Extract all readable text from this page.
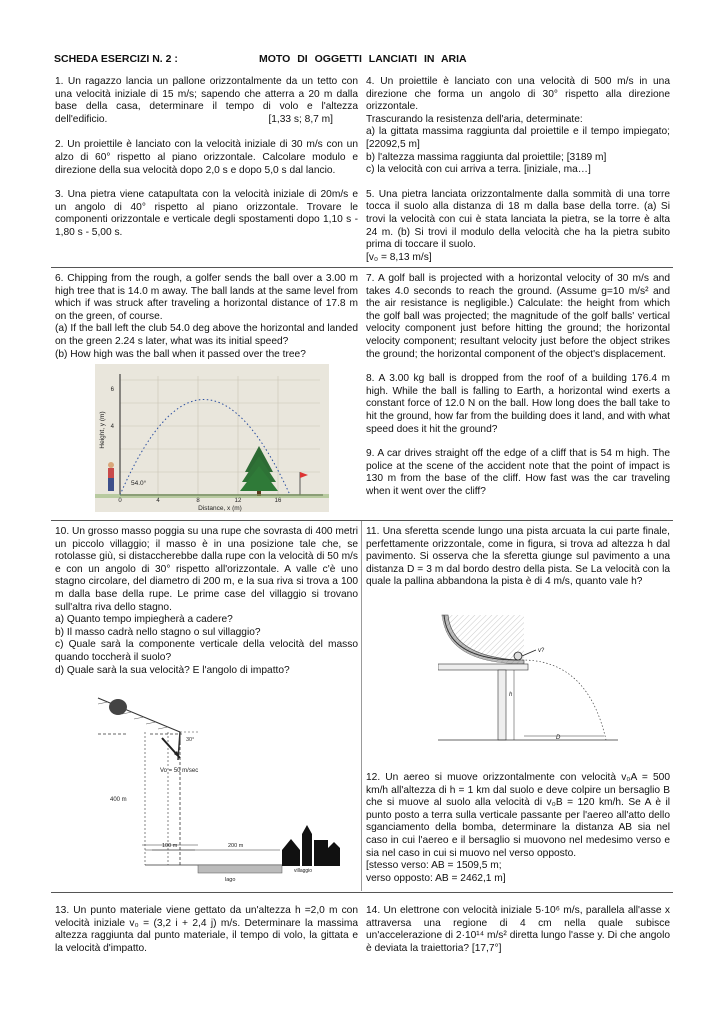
SCHEDA ESERCIZI N. 2 :	MOTO DI OGGETTI LANCIATI IN ARIA

1. Un ragazzo lancia un pallone orizzontalmente da un tetto con una velocità iniziale di 15 m/s; sapendo che atterra a 20 m dalla base della casa, determinare il tempo di volo e l'altezza dell'edificio.	[1,33 s; 8,7 m]

2. Un proiettile è lanciato con la velocità iniziale di 30 m/s con un alzo di 60° rispetto al piano orizzontale. Calcolare modulo e direzione della sua velocità dopo 2,0 s e dopo 5,0 s dal lancio.

3. Una pietra viene catapultata con la velocità iniziale di 20m/s e un angolo di 40° rispetto al piano orizzontale. Trovare le componenti orizzontale e verticale degli spostamenti dopo 1,10 s - 1,80 s - 5,00 s.

4. Un proiettile è lanciato con una velocità di 500 m/s in una direzione che forma un angolo di 30° rispetto alla direzione orizzontale.

Trascurando la resistenza dell'aria, determinate:

a) la gittata massima raggiunta dal proiettile e il tempo impiegato; [22092,5 m]

b) l'altezza massima raggiunta dal proiettile; [3189 m]

c) la velocità con cui arriva a terra. [iniziale, ma…]

5. Una pietra lanciata orizzontalmente dalla sommità di una torre tocca il suolo alla distanza di 18 m dalla base della torre. (a) Si trovi la velocità con cui è stata lanciata la pietra, se la torre è alta 24 m. (b) Si trovi il modulo della velocità che ha la pietra subito prima di toccare il suolo.

[v₀ = 8,13 m/s]

6. Chipping from the rough, a golfer sends the ball over a 3.00 m high tree that is 14.0 m away. The ball lands at the same level from which if was struck after traveling a horizontal distance of 17.8 m on the green, of course.

(a) If the ball left the club 54.0 deg above the horizontal and landed on the green 2.24 s later, what was its initial speed?

(b) How high was the ball when it passed over the tree?

Height, y (m) 4
6
0	4	8	12	16
Distance, x (m)
54.0°

7. A golf ball is projected with a horizontal velocity of 30 m/s and takes 4.0 seconds to reach the ground. (Assume g=10 m/s² and the air resistance is negligible.) Calculate: the height from which the golf ball was projected; the magnitude of the golf balls' vertical velocity component just before hitting the ground; the horizontal velocity component; resultant velocity just before the object strikes the ground; the horizontal component of the object's displacement.

8. A 3.00 kg ball is dropped from the roof of a building 176.4 m high. While the ball is falling to Earth, a horizontal wind exerts a constant force of 12.0 N on the ball. How long does the ball take to hit the ground, how far from the building does it land, and with what speed does it hit the ground?

9. A car drives straight off the edge of a cliff that is 54 m high. The police at the scene of the accident note that the point of impact is 130 m from the base of the cliff. How fast was the car traveling when it went over the cliff?

10. Un grosso masso poggia su una rupe che sovrasta di 400 metri un piccolo villaggio; il masso è in una posizione tale che, se rotolasse giù, si distaccherebbe dalla rupe con la velocità di 50 m/s e con un angolo di 30° rispetto all'orizzontale. A valle c'è uno stagno circolare, del diametro di 200 m, e la sua riva si trova a 100 m dalla base della rupe. Le prime case del villaggio si trovano sull'altra riva dello stagno.

a) Quanto tempo impiegherà a cadere?

b) Il masso cadrà nello stagno o sul villaggio?

c) Quale sarà la componente verticale della velocità del masso quando toccherà il suolo?

d) Quale sarà la sua velocità? E l'angolo di impatto?

30°
Vo = 50 m/sec
400 m
100 m	200 m
lago
villaggio

11. Una sferetta scende lungo una pista arcuata la cui parte finale, perfettamente orizzontale, come in figura, si trova ad altezza h dal pavimento. Si osserva che la sferetta giunge sul pavimento a una distanza D = 3 m dal bordo destro della pista. Se La velocità con la quale la pallina abbandona la pista è di 4 m/s, quanto vale h?

v?
h
D

12. Un aereo si muove orizzontalmente con velocità v₀A = 500 km/h all'altezza di h = 1 km dal suolo e deve colpire un bersaglio B che si muove al suolo alla velocità di v₀B = 120 km/h. Se A è il punto posto a terra sulla verticale passante per l'aereo all'atto dello sganciamento della bomba, determinare la distanza AB sia nel caso in cui l'aereo e il bersaglio si muovono nel medesimo verso e sia nel caso in cui si muovo nel verso opposto.

[stesso verso: AB = 1509,5 m;

verso opposto: AB = 2462,1 m]

13. Un punto materiale viene gettato da un'altezza h =2,0 m con velocità iniziale v₀ = (3,2 i + 2,4 j) m/s. Determinare la massima altezza raggiunta dal punto materiale, il tempo di volo, la gittata e la velocità d'impatto.

14. Un elettrone con velocità iniziale 5·10⁶ m/s, parallela all'asse x attraversa una regione di 4 cm nella quale subisce un'accelerazione di 2·10¹⁴ m/s² diretta lungo l'asse y. Di che angolo è deviata la traiettoria? [17,7°]
